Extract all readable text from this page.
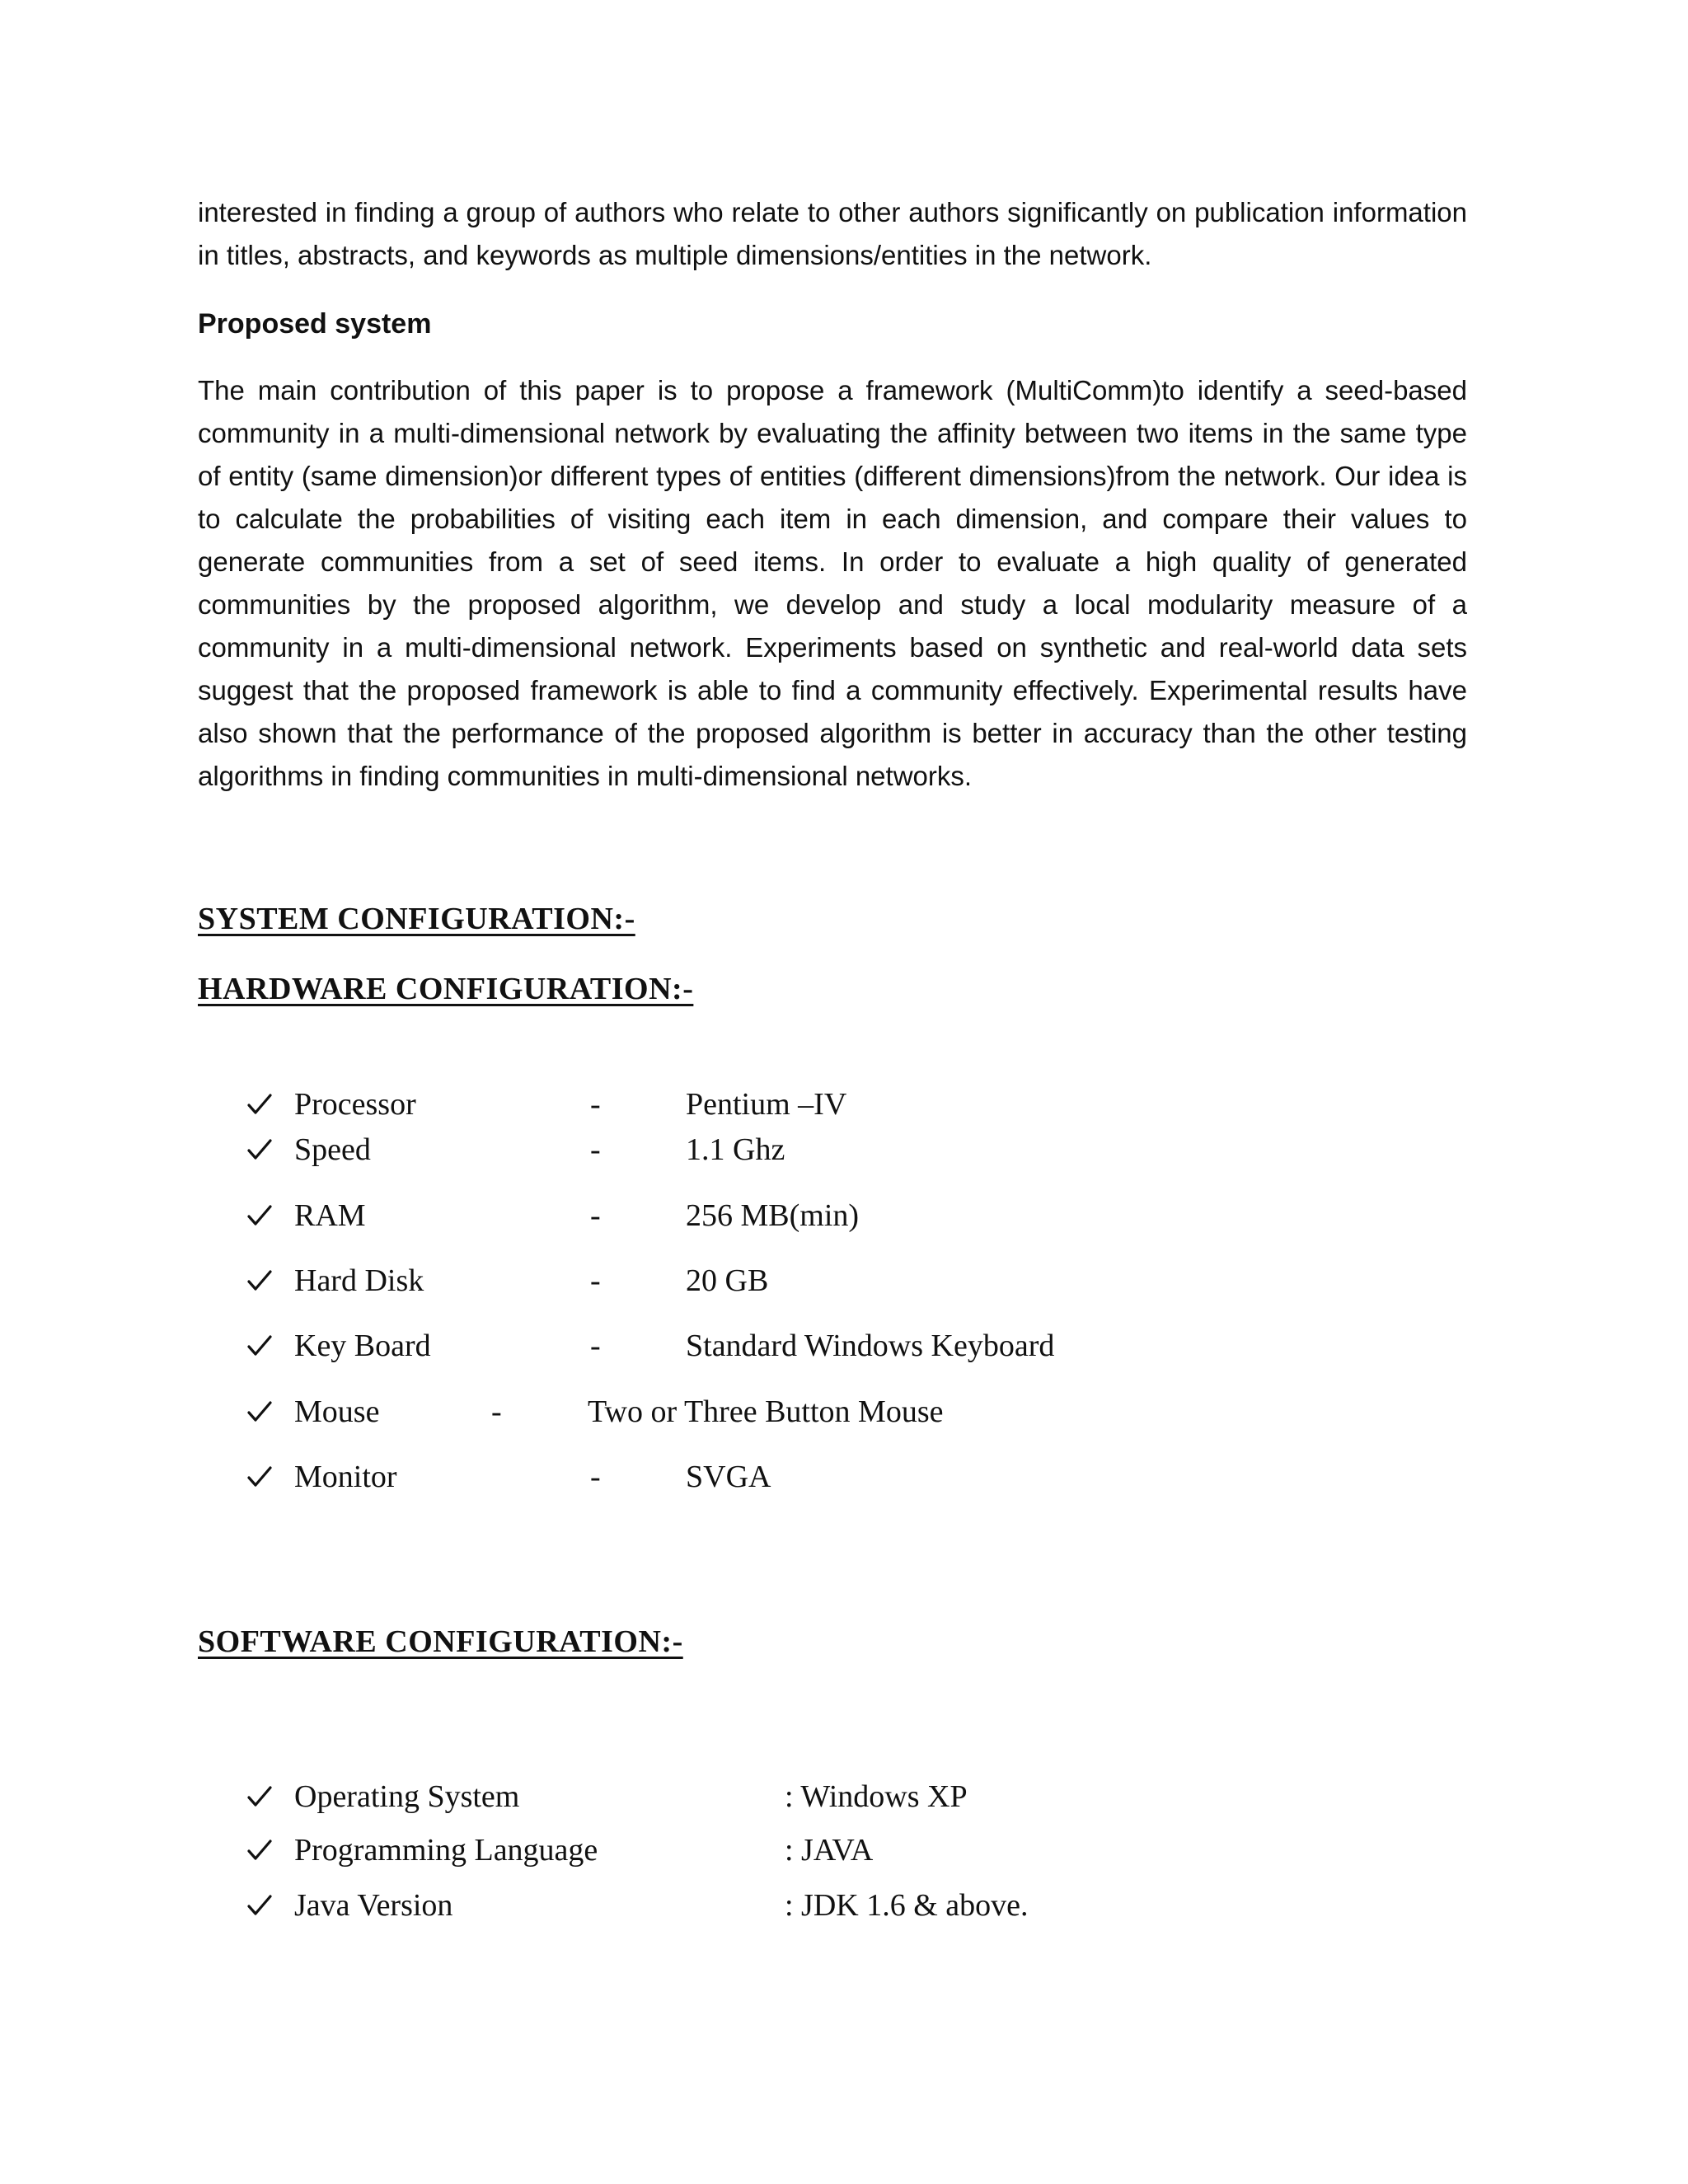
interested in finding a group of authors who relate to other authors significantly on publication information in titles, abstracts, and keywords as multiple dimensions/entities in the network.

Proposed system

The main contribution of this paper is to propose a framework (MultiComm)to identify a seed-based community in a multi-dimensional network by evaluating the affinity between two items in the same type of entity (same dimension)or different types of entities (different dimensions)from the network. Our idea is to calculate the probabilities of visiting each item in each dimension, and compare their values to generate communities from a set of seed items. In order to evaluate a high quality of generated communities by the proposed algorithm, we develop and study a local modularity measure of a community in a multi-dimensional network. Experiments based on synthetic and real-world data sets suggest that the proposed framework is able to find a community effectively. Experimental results have also shown that the performance of the proposed algorithm is better in accuracy than the other testing algorithms in finding communities in multi-dimensional networks.

SYSTEM CONFIGURATION:-
HARDWARE CONFIGURATION:-
Processor	-	Pentium –IV
Speed	-	1.1 Ghz
RAM	-	256 MB(min)
Hard Disk	-	20 GB
Key Board	-	Standard Windows Keyboard
Mouse	-	Two or Three Button Mouse
Monitor	-	SVGA
SOFTWARE CONFIGURATION:-
Operating System	: Windows XP
Programming Language	: JAVA
Java Version	: JDK 1.6 & above.
